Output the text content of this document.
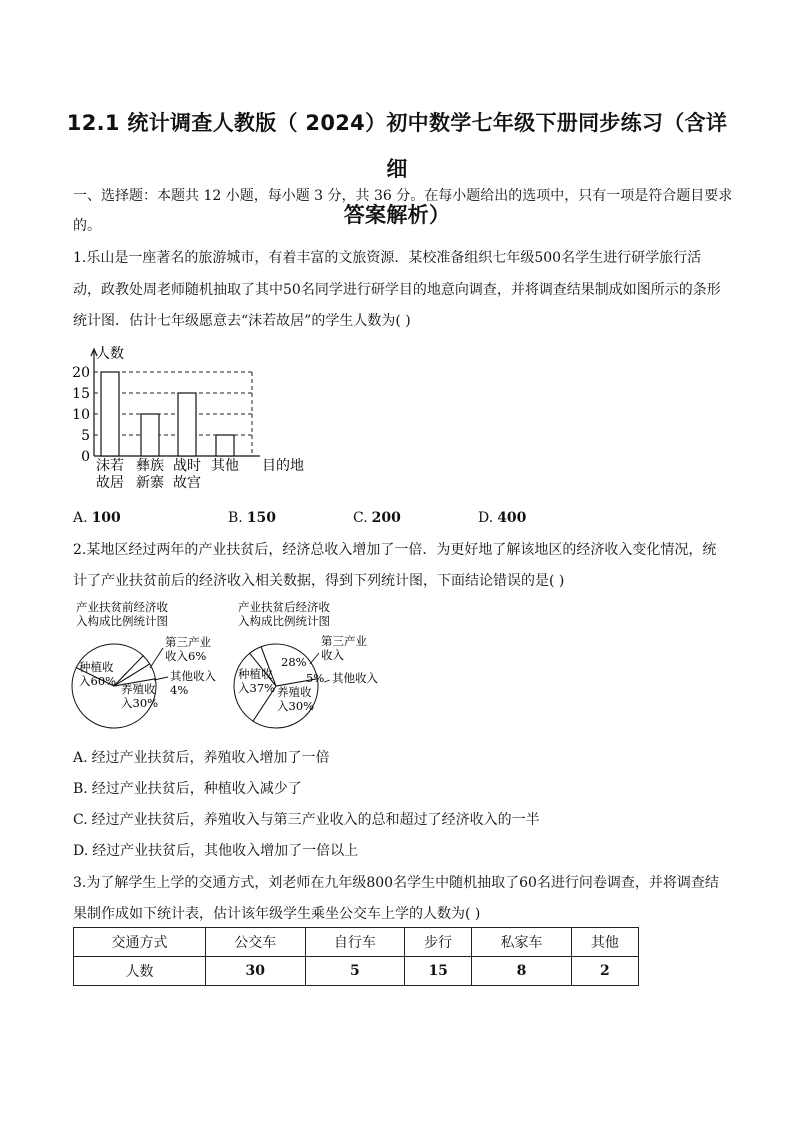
12.1 统计调查人教版（ 2024）初中数学七年级下册同步练习（含详细
答案解析）
一、选择题：本题共 12 小题，每小题 3 分，共 36 分。在每小题给出的选项中，只有一项是符合题目要求
的。
1.乐山是一座著名的旅游城市，有着丰富的文旅资源．某校准备组织七年级500名学生进行研学旅行活
动，政教处周老师随机抽取了其中50名同学进行研学目的地意向调查，并将调查结果制成如图所示的条形
统计图．估计七年级愿意去“沫若故居”的学生人数为( )
人数
目的地
0
5
10
15
20
沫若
故居
彝族
新寨
战时
故宫
其他
A. 100	B. 150	C. 200	D. 400
2.某地区经过两年的产业扶贫后，经济总收入增加了一倍．为更好地了解该地区的经济收入变化情况，统
计了产业扶贫前后的经济收入相关数据，得到下列统计图，下面结论错误的是( )
产业扶贫前经济收
入构成比例统计图
种植收
入60%
养殖收
入30%
其他收入
4%
第三产业
收入6%
产业扶贫后经济收
入构成比例统计图
种植收
入37% 养殖收
入30%
5% 其他收入
28%
第三产业
收入
A. 经过产业扶贫后，养殖收入增加了一倍
B. 经过产业扶贫后，种植收入减少了
C. 经过产业扶贫后，养殖收入与第三产业收入的总和超过了经济收入的一半
D. 经过产业扶贫后，其他收入增加了一倍以上
3.为了解学生上学的交通方式，刘老师在九年级800名学生中随机抽取了60名进行问卷调查，并将调查结
果制作成如下统计表，估计该年级学生乘坐公交车上学的人数为( )
交通方式	公交车	自行车	步行	私家车	其他
人数	30	5	15	8	2
